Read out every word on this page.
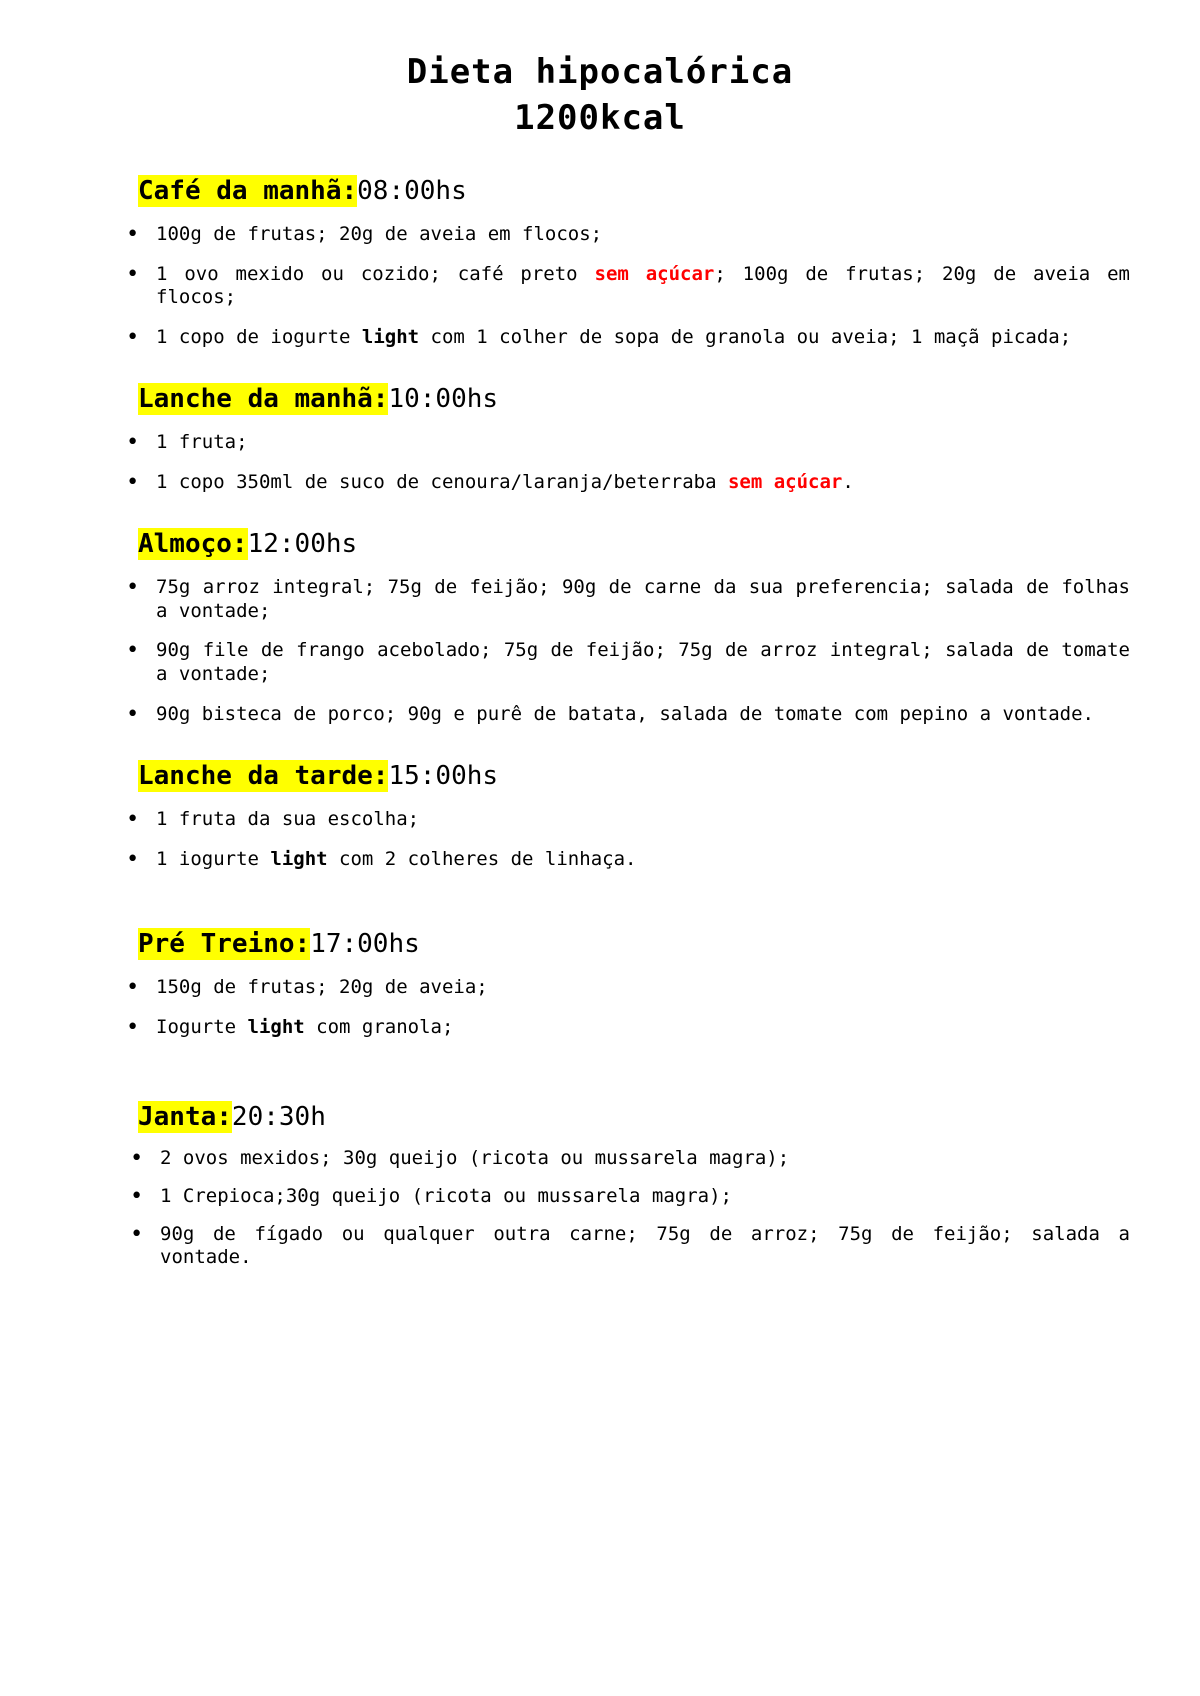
Dieta hipocalórica
1200kcal
Café da manhã:08:00hs
• 100g de frutas; 20g de aveia em flocos;
• 1 ovo mexido ou cozido; café preto sem açúcar; 100g de frutas; 20g de aveia em flocos;
• 1 copo de iogurte light com 1 colher de sopa de granola ou aveia; 1 maçã picada;
Lanche da manhã:10:00hs
• 1 fruta;
• 1 copo 350ml de suco de cenoura/laranja/beterraba sem açúcar.
Almoço:12:00hs
• 75g arroz integral; 75g de feijão; 90g de carne da sua preferencia; salada de folhas a vontade;
• 90g file de frango acebolado; 75g de feijão; 75g de arroz integral; salada de tomate a vontade;
• 90g bisteca de porco; 90g e purê de batata, salada de tomate com pepino a vontade.
Lanche da tarde:15:00hs
• 1 fruta da sua escolha;
• 1 iogurte light com 2 colheres de linhaça.
Pré Treino:17:00hs
• 150g de frutas; 20g de aveia;
• Iogurte light com granola;
Janta:20:30h
• 2 ovos mexidos; 30g queijo (ricota ou mussarela magra);
• 1 Crepioca;30g queijo (ricota ou mussarela magra);
• 90g de fígado ou qualquer outra carne; 75g de arroz; 75g de feijão; salada a vontade.
